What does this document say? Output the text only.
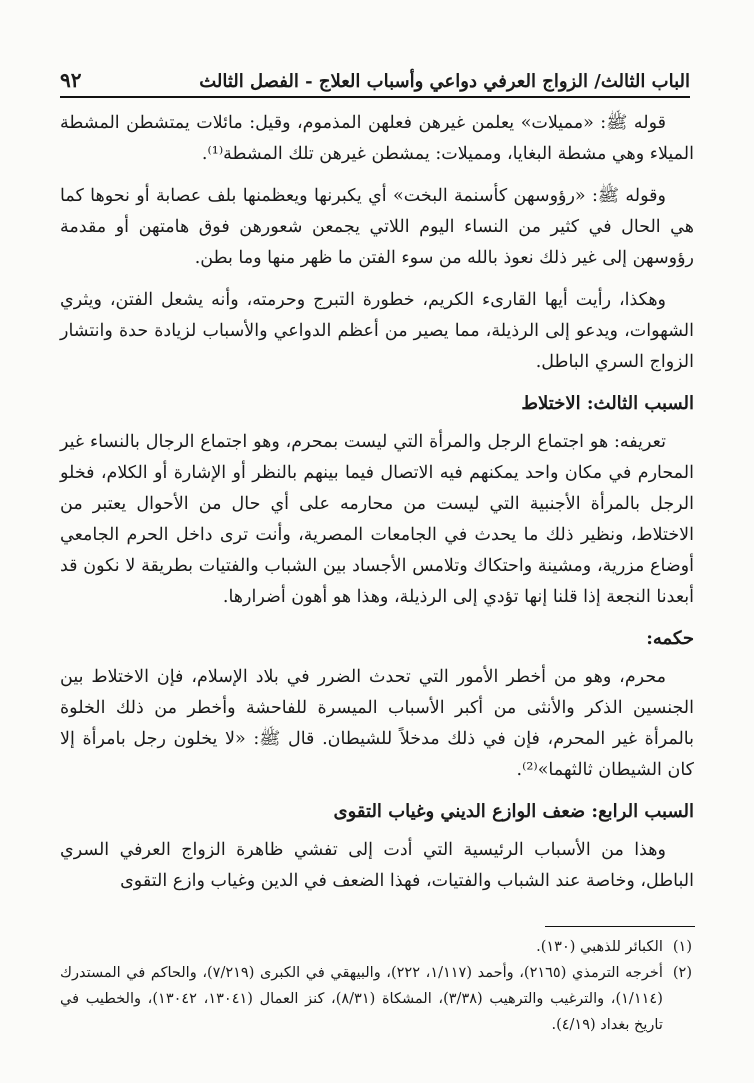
الباب الثالث/ الزواج العرفي دواعي وأسباب العلاج - الفصل الثالث
٩٢

قوله ﷺ: «مميلات» يعلمن غيرهن فعلهن المذموم، وقيل: مائلات يمتشطن المشطة الميلاء وهي مشطة البغايا، ومميلات: يمشطن غيرهن تلك المشطة⁽¹⁾.

وقوله ﷺ: «رؤوسهن كأسنمة البخت» أي يكبرنها ويعظمنها بلف عصابة أو نحوها كما هي الحال في كثير من النساء اليوم اللاتي يجمعن شعورهن فوق هامتهن أو مقدمة رؤوسهن إلى غير ذلك نعوذ بالله من سوء الفتن ما ظهر منها وما بطن.

وهكذا، رأيت أيها القارىء الكريم، خطورة التبرج وحرمته، وأنه يشعل الفتن، ويثري الشهوات، ويدعو إلى الرذيلة، مما يصير من أعظم الدواعي والأسباب لزيادة حدة وانتشار الزواج السري الباطل.

السبب الثالث: الاختلاط

تعريفه: هو اجتماع الرجل والمرأة التي ليست بمحرم، وهو اجتماع الرجال بالنساء غير المحارم في مكان واحد يمكنهم فيه الاتصال فيما بينهم بالنظر أو الإشارة أو الكلام، فخلو الرجل بالمرأة الأجنبية التي ليست من محارمه على أي حال من الأحوال يعتبر من الاختلاط، ونظير ذلك ما يحدث في الجامعات المصرية، وأنت ترى داخل الحرم الجامعي أوضاع مزرية، ومشينة واحتكاك وتلامس الأجساد بين الشباب والفتيات بطريقة لا نكون قد أبعدنا النجعة إذا قلنا إنها تؤدي إلى الرذيلة، وهذا هو أهون أضرارها.

حكمه:

محرم، وهو من أخطر الأمور التي تحدث الضرر في بلاد الإسلام، فإن الاختلاط بين الجنسين الذكر والأنثى من أكبر الأسباب الميسرة للفاحشة وأخطر من ذلك الخلوة بالمرأة غير المحرم، فإن في ذلك مدخلاً للشيطان. قال ﷺ: «لا يخلون رجل بامرأة إلا كان الشيطان ثالثهما»⁽²⁾.

السبب الرابع: ضعف الوازع الديني وغياب التقوى

وهذا من الأسباب الرئيسية التي أدت إلى تفشي ظاهرة الزواج العرفي السري الباطل، وخاصة عند الشباب والفتيات، فهذا الضعف في الدين وغياب وازع التقوى

(١)
الكبائر للذهبي (١٣٠).
(٢)
أخرجه الترمذي (٢١٦٥)، وأحمد (١/١١٧، ٢٢٢)، والبيهقي في الكبرى (٧/٢١٩)، والحاكم في المستدرك (١/١١٤)، والترغيب والترهيب (٣/٣٨)، المشكاة (٨/٣١)، كنز العمال (١٣٠٤١، ١٣٠٤٢)، والخطيب في تاريخ بغداد (٤/١٩).
